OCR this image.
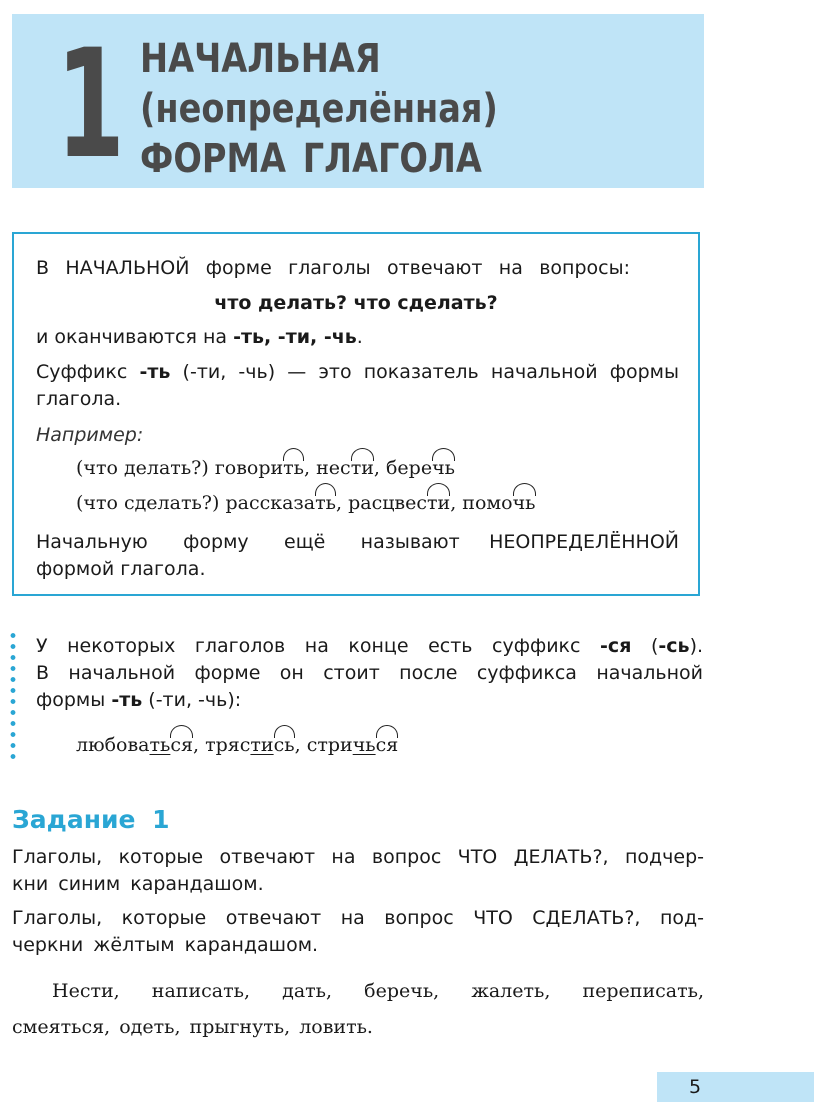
1 НАЧАЛЬНАЯ
(неопределённая)
ФОРМА ГЛАГОЛА
В НАЧАЛЬНОЙ форме глаголы отвечают на вопросы:
что делать? что сделать?
и оканчиваются на -ть, -ти, -чь.
Суффикс -ть (-ти, -чь) — это показатель начальной формы
глагола.
Например:
(что делать?) говорить, нести, беречь
(что сделать?) рассказать, расцвести, помочь
Начальную форму ещё называют НЕОПРЕДЕЛЁННОЙ
формой глагола.
У некоторых глаголов на конце есть суффикс -ся (-сь).
В начальной форме он стоит после суффикса начальной
формы -ть (-ти, -чь):
любоваться, трястись, стричься
Задание 1
Глаголы, которые отвечают на вопрос ЧТО ДЕЛАТЬ?, подчер-
кни синим карандашом.
Глаголы, которые отвечают на вопрос ЧТО СДЕЛАТЬ?, под-
черкни жёлтым карандашом.
Нести, написать, дать, беречь, жалеть, переписать,
смеяться, одеть, прыгнуть, ловить.
5
